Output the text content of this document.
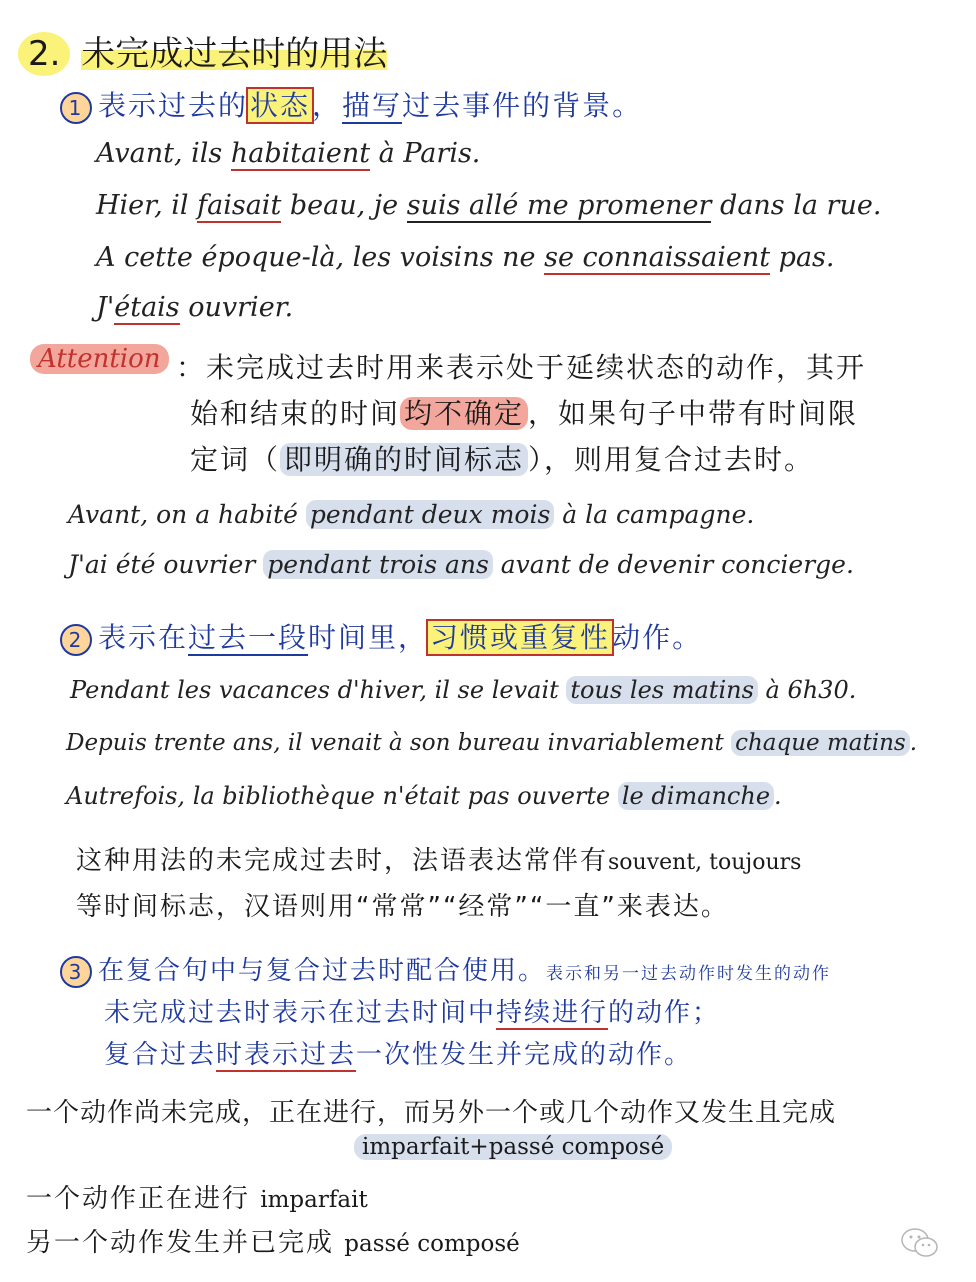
2. 未完成过去时的用法
1 表示过去的状态，描写过去事件的背景。
Avant, ils habitaient à Paris.
Hier, il faisait beau, je suis allé me promener dans la rue.
A cette époque-là, les voisins ne se connaissaient pas.
J'étais ouvrier.
Attention ：未完成过去时用来表示处于延续状态的动作，其开
始和结束的时间 均不确定 ，如果句子中带有时间限
定词（ 即明确的时间标志 ），则用复合过去时。
Avant, on a habité pendant deux mois à la campagne.
J'ai été ouvrier pendant trois ans avant de devenir concierge.
2 表示在过去一段时间里，习惯或重复性动作。
Pendant les vacances d'hiver, il se levait tous les matins à 6h30.
Depuis trente ans, il venait à son bureau invariablement chaque matins .
Autrefois, la bibliothèque n'était pas ouverte le dimanche .
这种用法的未完成过去时，法语表达常伴有souvent, toujours
等时间标志，汉语则用“常常”“经常”“一直”来表达。
3 在复合句中与复合过去时配合使用。表示和另一过去动作时发生的动作
未完成过去时表示在过去时间中持续进行的动作；
复合过去时表示过去一次性发生并完成的动作。
一个动作尚未完成，正在进行，而另外一个或几个动作又发生且完成
imparfait+passé composé
一个动作正在进行 imparfait
另一个动作发生并已完成 passé composé
